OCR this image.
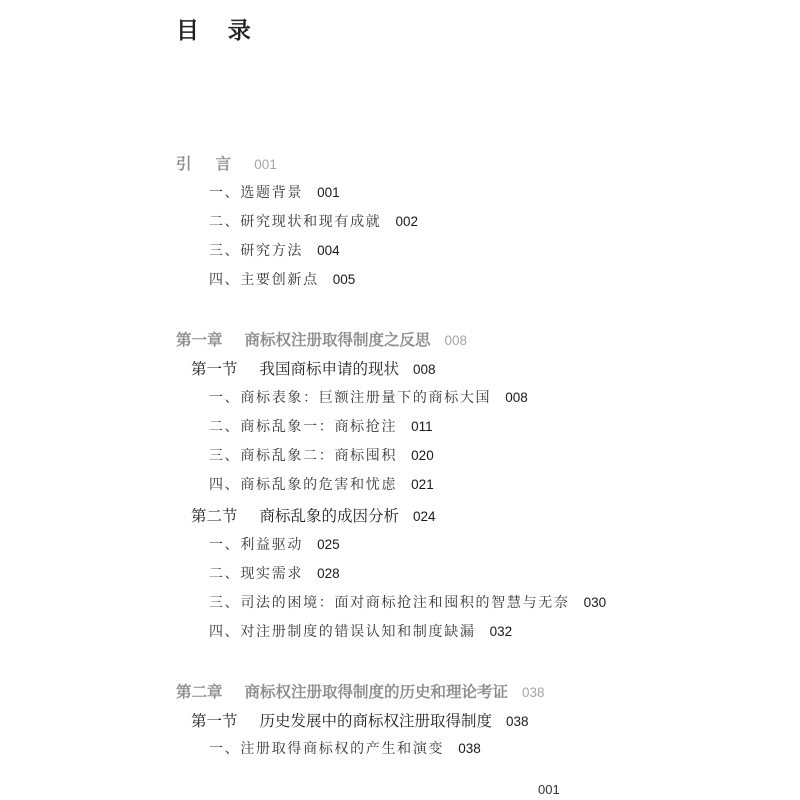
目 录
引 言 001
一、选题背景 001
二、研究现状和现有成就 002
三、研究方法 004
四、主要创新点 005
第一章 商标权注册取得制度之反思 008
第一节 我国商标申请的现状 008
一、商标表象：巨额注册量下的商标大国 008
二、商标乱象一：商标抢注 011
三、商标乱象二：商标囤积 020
四、商标乱象的危害和忧虑 021
第二节 商标乱象的成因分析 024
一、利益驱动 025
二、现实需求 028
三、司法的困境：面对商标抢注和囤积的智慧与无奈 030
四、对注册制度的错误认知和制度缺漏 032
第二章 商标权注册取得制度的历史和理论考证 038
第一节 历史发展中的商标权注册取得制度 038
一、注册取得商标权的产生和演变 038
001
